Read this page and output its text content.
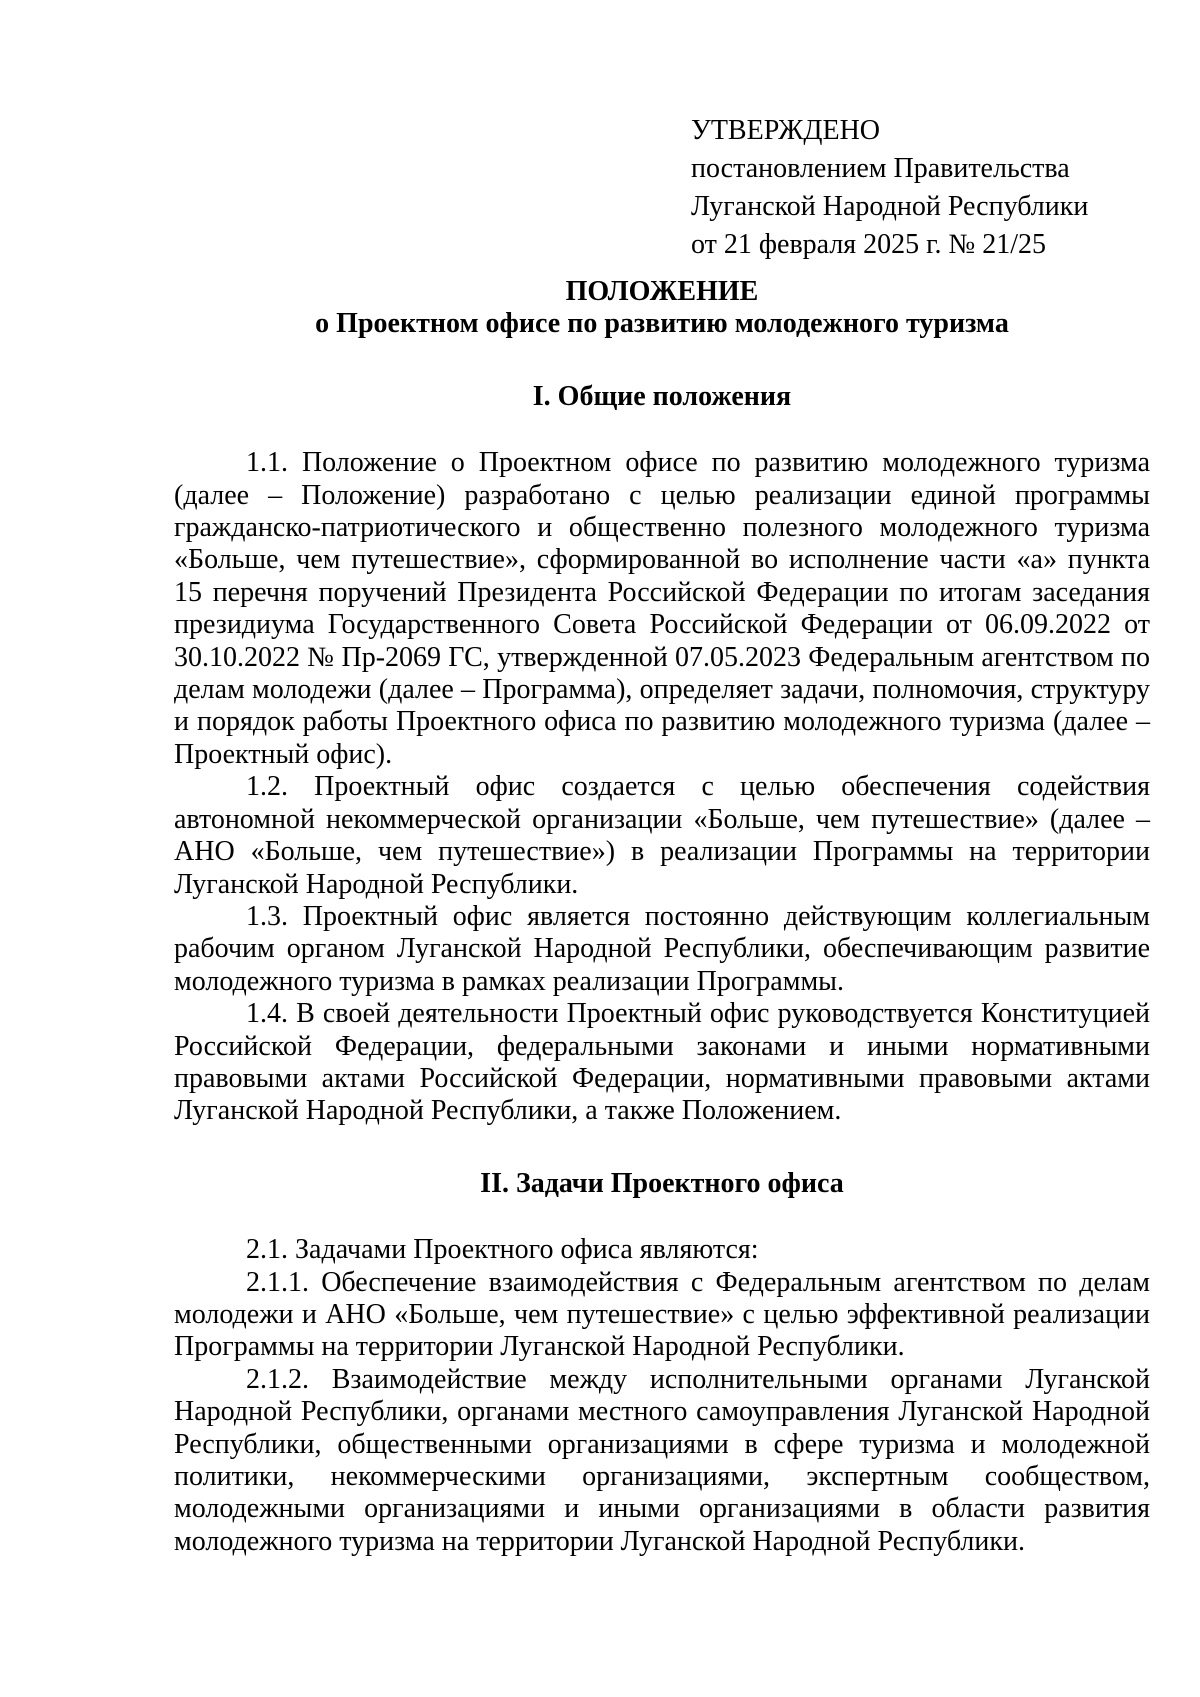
УТВЕРЖДЕНО
постановлением Правительства
Луганской Народной Республики
от 21 февраля 2025 г. № 21/25
ПОЛОЖЕНИЕ
о Проектном офисе по развитию молодежного туризма
I. Общие положения

1.1. Положение о Проектном офисе по развитию молодежного туризма (далее – Положение) разработано с целью реализации единой программы гражданско-патриотического и общественно полезного молодежного туризма «Больше, чем путешествие», сформированной во исполнение части «а» пункта 15 перечня поручений Президента Российской Федерации по итогам заседания президиума Государственного Совета Российской Федерации от 06.09.2022 от 30.10.2022 № Пр-2069 ГС, утвержденной 07.05.2023 Федеральным агентством по делам молодежи (далее – Программа), определяет задачи, полномочия, структуру и порядок работы Проектного офиса по развитию молодежного туризма (далее – Проектный офис).

1.2. Проектный офис создается с целью обеспечения содействия автономной некоммерческой организации «Больше, чем путешествие» (далее – АНО «Больше, чем путешествие») в реализации Программы на территории Луганской Народной Республики.

1.3. Проектный офис является постоянно действующим коллегиальным рабочим органом Луганской Народной Республики, обеспечивающим развитие молодежного туризма в рамках реализации Программы.

1.4. В своей деятельности Проектный офис руководствуется Конституцией Российской Федерации, федеральными законами и иными нормативными правовыми актами Российской Федерации, нормативными правовыми актами Луганской Народной Республики, а также Положением.

II. Задачи Проектного офиса

2.1. Задачами Проектного офиса являются:

2.1.1. Обеспечение взаимодействия с Федеральным агентством по делам молодежи и АНО «Больше, чем путешествие» с целью эффективной реализации Программы на территории Луганской Народной Республики.

2.1.2. Взаимодействие между исполнительными органами Луганской Народной Республики, органами местного самоуправления Луганской Народной Республики, общественными организациями в сфере туризма и молодежной политики, некоммерческими организациями, экспертным сообществом, молодежными организациями и иными организациями в области развития молодежного туризма на территории Луганской Народной Республики.
